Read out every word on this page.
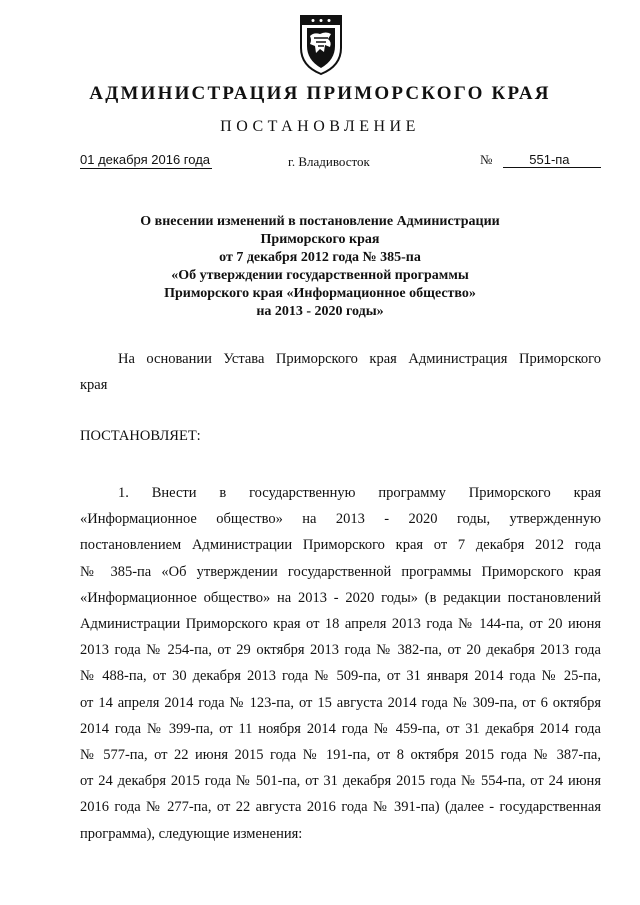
АДМИНИСТРАЦИЯ ПРИМОРСКОГО КРАЯ
ПОСТАНОВЛЕНИЕ
01 декабря 2016 года	г. Владивосток	№	551-па
О внесении изменений в постановление Администрации
Приморского края
от 7 декабря 2012 года № 385-па
«Об утверждении государственной программы
Приморского края «Информационное общество»
на 2013 - 2020 годы»
На основании Устава Приморского края Администрация Приморского
края
ПОСТАНОВЛЯЕТ:
1. Внести в государственную программу Приморского края
«Информационное общество» на 2013 - 2020 годы, утвержденную
постановлением Администрации Приморского края от 7 декабря 2012 года
№ 385-па «Об утверждении государственной программы Приморского края
«Информационное общество» на 2013 - 2020 годы» (в редакции постановлений
Администрации Приморского края от 18 апреля 2013 года № 144-па, от 20 июня
2013 года № 254-па, от 29 октября 2013 года № 382-па, от 20 декабря 2013 года
№ 488-па, от 30 декабря 2013 года № 509-па, от 31 января 2014 года № 25-па,
от 14 апреля 2014 года № 123-па, от 15 августа 2014 года № 309-па, от 6 октября
2014 года № 399-па, от 11 ноября 2014 года № 459-па, от 31 декабря 2014 года
№ 577-па, от 22 июня 2015 года № 191-па, от 8 октября 2015 года № 387-па,
от 24 декабря 2015 года № 501-па, от 31 декабря 2015 года № 554-па, от 24 июня
2016 года № 277-па, от 22 августа 2016 года № 391-па) (далее - государственная
программа), следующие изменения:
